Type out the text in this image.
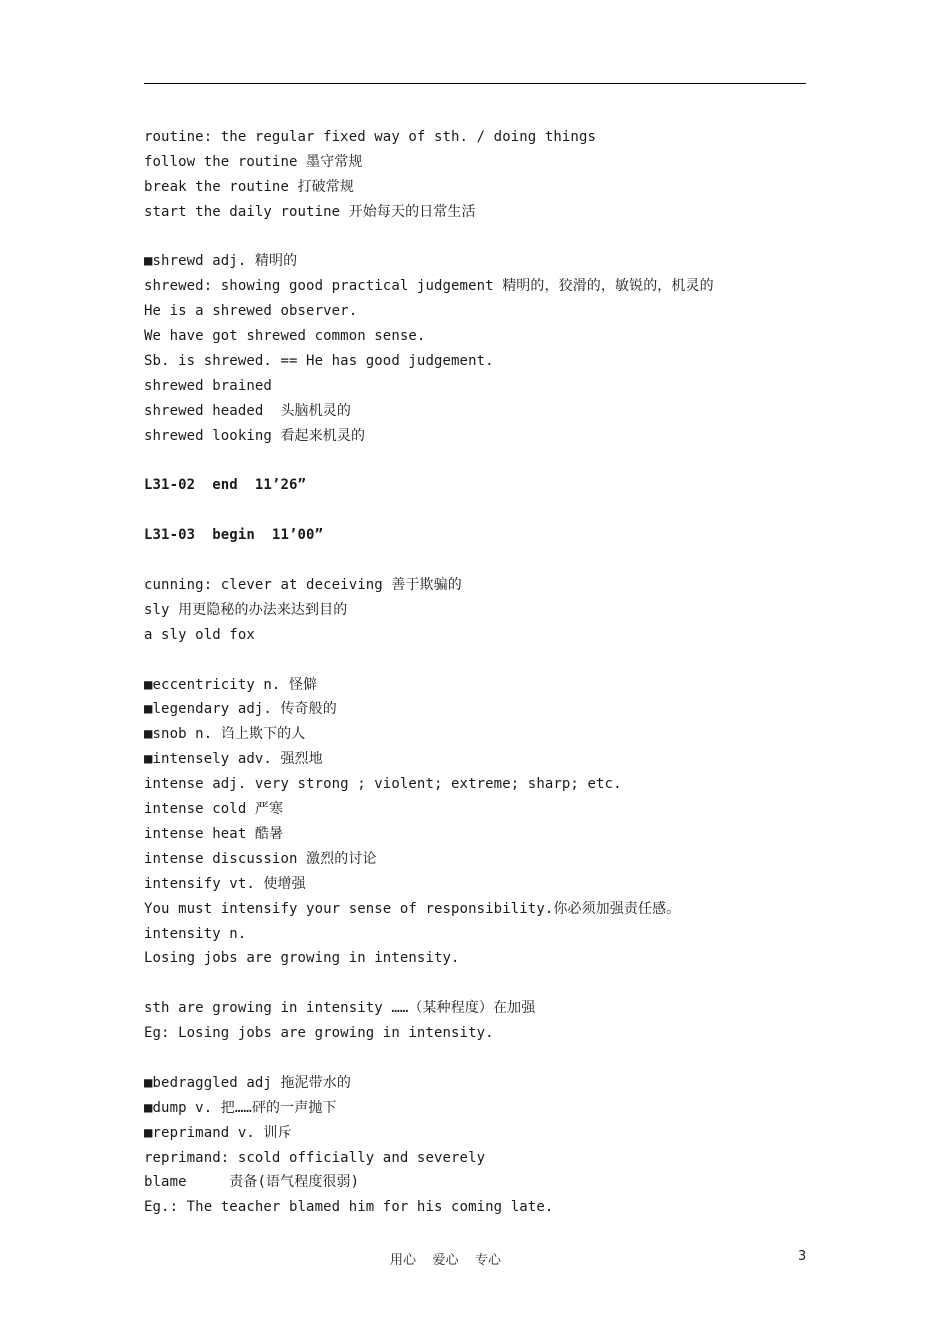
routine: the regular fixed way of sth. / doing things
follow the routine 墨守常规
break the routine 打破常规
start the daily routine 开始每天的日常生活
■shrewd adj. 精明的
shrewed: showing good practical judgement 精明的，狡滑的，敏锐的，机灵的
He is a shrewed observer.
We have got shrewed common sense.
Sb. is shrewed. == He has good judgement.
shrewed brained
shrewed headed  头脑机灵的
shrewed looking 看起来机灵的
L31-02  end  11’26”
L31-03  begin  11’00”
cunning: clever at deceiving 善于欺骗的
sly 用更隐秘的办法来达到目的
a sly old fox
■eccentricity n. 怪僻
■legendary adj. 传奇般的
■snob n. 诌上欺下的人
■intensely adv. 强烈地
intense adj. very strong ; violent; extreme; sharp; etc.
intense cold 严寒
intense heat 酷暑
intense discussion 激烈的讨论
intensify vt. 使增强
You must intensify your sense of responsibility.你必须加强责任感。
intensity n.
Losing jobs are growing in intensity.
sth are growing in intensity ……（某种程度）在加强
Eg: Losing jobs are growing in intensity.
■bedraggled adj 拖泥带水的
■dump v. 把……砰的一声抛下
■reprimand v. 训斥
reprimand: scold officially and severely
blame     责备(语气程度很弱)
Eg.: The teacher blamed him for his coming late.
用心    爱心    专心	3
